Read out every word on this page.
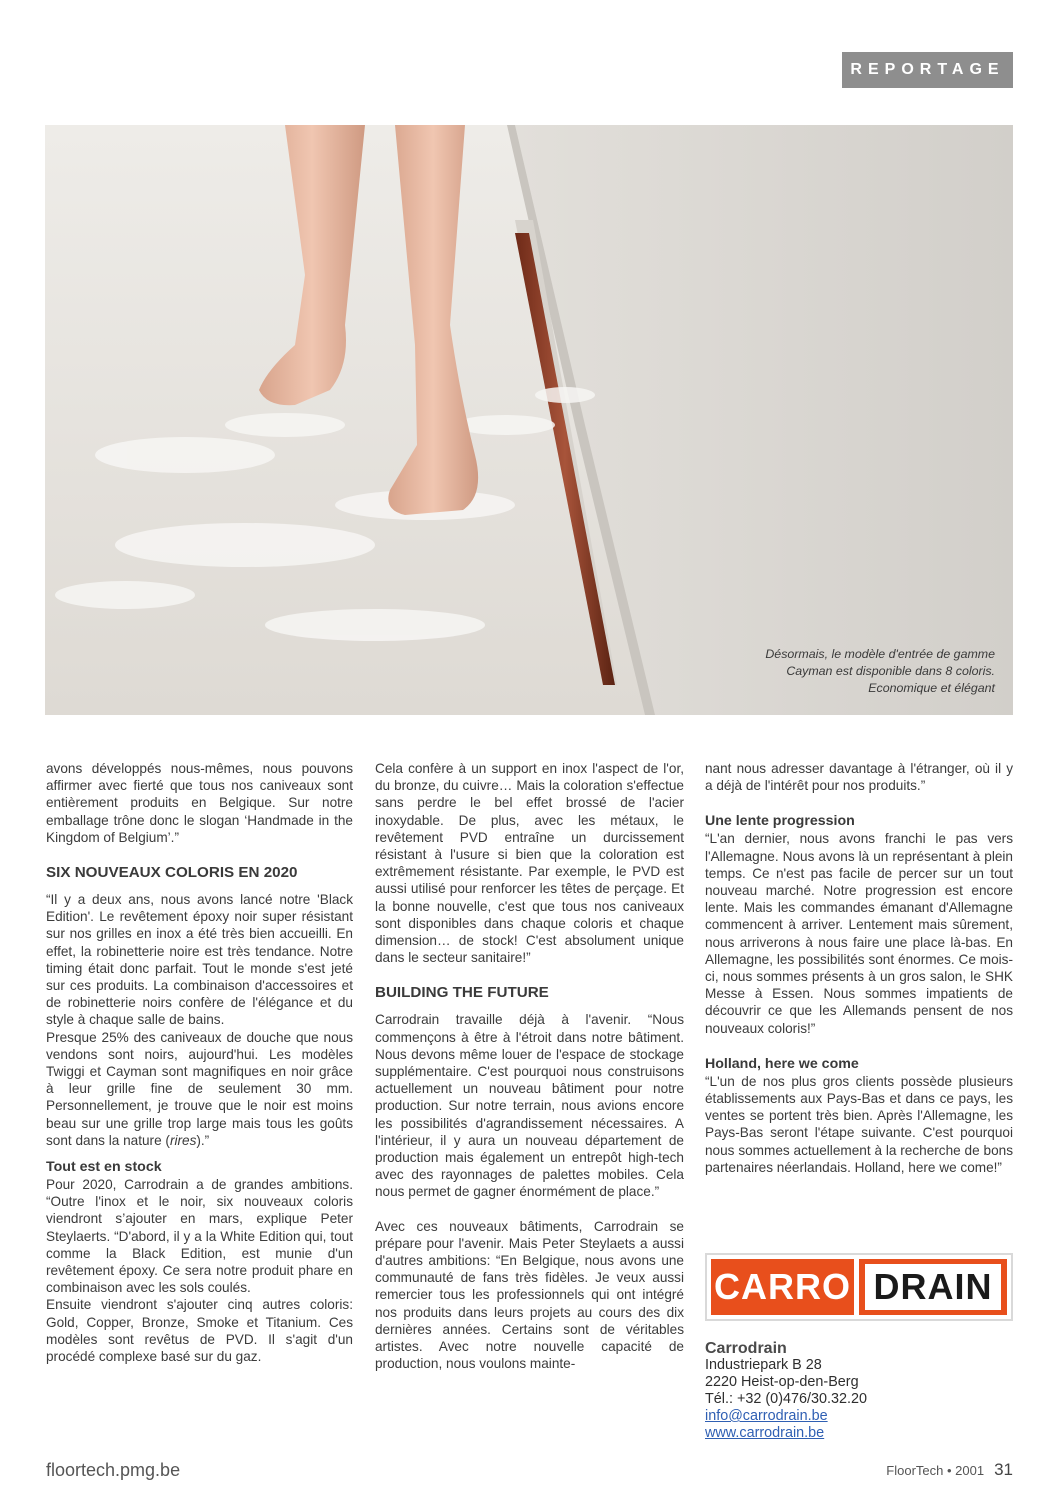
REPORTAGE
Désormais, le modèle d'entrée de gamme Cayman est disponible dans 8 coloris. Economique et élégant

avons développés nous-mêmes, nous pouvons affirmer avec fierté que tous nos caniveaux sont entièrement produits en Belgique. Sur notre emballage trône donc le slogan ‘Handmade in the Kingdom of Belgium’.”

SIX NOUVEAUX COLORIS EN 2020

“Il y a deux ans, nous avons lancé notre 'Black Edition'. Le revêtement époxy noir super résistant sur nos grilles en inox a été très bien accueilli. En effet, la robinetterie noire est très tendance. Notre timing était donc parfait. Tout le monde s'est jeté sur ces produits. La combinaison d'accessoires et de robinetterie noirs confère de l'élégance et du style à chaque salle de bains.

Presque 25% des caniveaux de douche que nous vendons sont noirs, aujourd'hui. Les modèles Twiggi et Cayman sont magnifiques en noir grâce à leur grille fine de seulement 30 mm. Personnellement, je trouve que le noir est moins beau sur une grille trop large mais tous les goûts sont dans la nature (rires).”

Tout est en stock

Pour 2020, Carrodrain a de grandes ambitions. “Outre l'inox et le noir, six nouveaux coloris viendront s’ajouter en mars, explique Peter Steylaerts. “D'abord, il y a la White Edition qui, tout comme la Black Edition, est munie d'un revêtement époxy. Ce sera notre produit phare en combinaison avec les sols coulés.

Ensuite viendront s'ajouter cinq autres coloris: Gold, Copper, Bronze, Smoke et Titanium. Ces modèles sont revêtus de PVD. Il s'agit d'un procédé complexe basé sur du gaz.

Cela confère à un support en inox l'aspect de l'or, du bronze, du cuivre… Mais la coloration s'effectue sans perdre le bel effet brossé de l'acier inoxydable. De plus, avec les métaux, le revêtement PVD entraîne un durcissement résistant à l'usure si bien que la coloration est extrêmement résistante. Par exemple, le PVD est aussi utilisé pour renforcer les têtes de perçage. Et la bonne nouvelle, c'est que tous nos caniveaux sont disponibles dans chaque coloris et chaque dimension… de stock! C'est absolument unique dans le secteur sanitaire!”

BUILDING THE FUTURE

Carrodrain travaille déjà à l'avenir. “Nous commençons à être à l'étroit dans notre bâtiment. Nous devons même louer de l'espace de stockage supplémentaire. C'est pourquoi nous construisons actuellement un nouveau bâtiment pour notre production. Sur notre terrain, nous avions encore les possibilités d'agrandissement nécessaires. A l'intérieur, il y aura un nouveau département de production mais également un entrepôt high-tech avec des rayonnages de palettes mobiles. Cela nous permet de gagner énormément de place.”

Avec ces nouveaux bâtiments, Carrodrain se prépare pour l'avenir. Mais Peter Steylaets a aussi d'autres ambitions: “En Belgique, nous avons une communauté de fans très fidèles. Je veux aussi remercier tous les professionnels qui ont intégré nos produits dans leurs projets au cours des dix dernières années. Certains sont de véritables artistes. Avec notre nouvelle capacité de production, nous voulons mainte-

nant nous adresser davantage à l'étranger, où il y a déjà de l'intérêt pour nos produits.”

Une lente progression

“L'an dernier, nous avons franchi le pas vers l'Allemagne. Nous avons là un représentant à plein temps. Ce n'est pas facile de percer sur un tout nouveau marché. Notre progression est encore lente. Mais les commandes émanant d'Allemagne commencent à arriver. Lentement mais sûrement, nous arriverons à nous faire une place là-bas. En Allemagne, les possibilités sont énormes. Ce mois-ci, nous sommes présents à un gros salon, le SHK Messe à Essen. Nous sommes impatients de découvrir ce que les Allemands pensent de nos nouveaux coloris!”

Holland, here we come

“L'un de nos plus gros clients possède plusieurs établissements aux Pays-Bas et dans ce pays, les ventes se portent très bien. Après l'Allemagne, les Pays-Bas seront l'étape suivante. C'est pourquoi nous sommes actuellement à la recherche de bons partenaires néerlandais. Holland, here we come!”

CARRO DRAIN
Carrodrain
Industriepark B 28
2220 Heist-op-den-Berg
Tél.: +32 (0)476/30.32.20
info@carrodrain.be
www.carrodrain.be
floortech.pmg.be	FloorTech • 2001 31
